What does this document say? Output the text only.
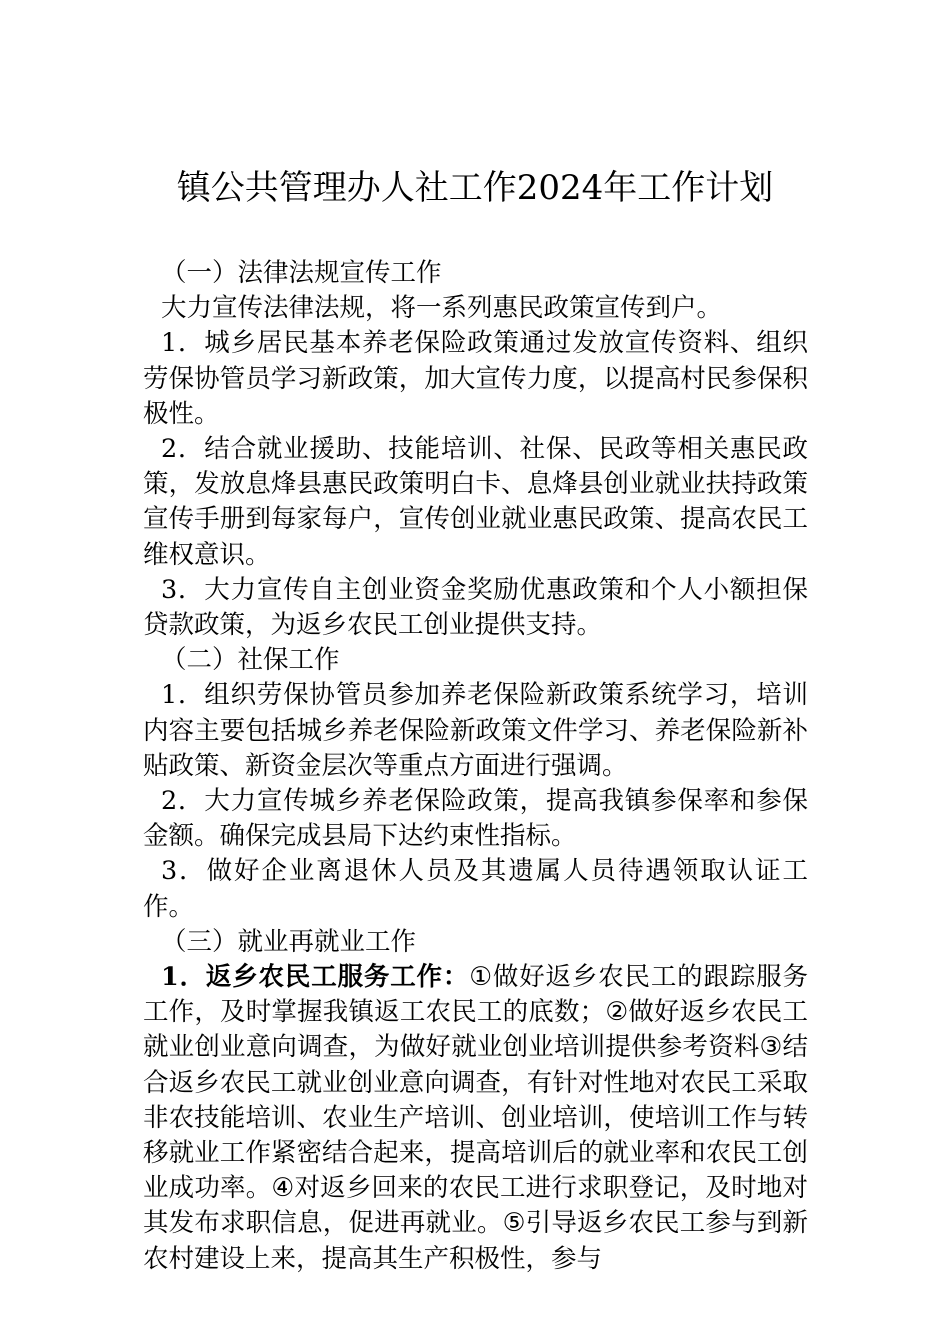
镇公共管理办人社工作2024年工作计划

（一）法律法规宣传工作

大力宣传法律法规，将一系列惠民政策宣传到户。

1．城乡居民基本养老保险政策通过发放宣传资料、组织劳保协管员学习新政策，加大宣传力度，以提高村民参保积极性。

2．结合就业援助、技能培训、社保、民政等相关惠民政策，发放息烽县惠民政策明白卡、息烽县创业就业扶持政策宣传手册到每家每户，宣传创业就业惠民政策、提高农民工维权意识。

3．大力宣传自主创业资金奖励优惠政策和个人小额担保贷款政策，为返乡农民工创业提供支持。

（二）社保工作

1．组织劳保协管员参加养老保险新政策系统学习，培训内容主要包括城乡养老保险新政策文件学习、养老保险新补贴政策、新资金层次等重点方面进行强调。

2．大力宣传城乡养老保险政策，提高我镇参保率和参保金额。确保完成县局下达约束性指标。

3．做好企业离退休人员及其遗属人员待遇领取认证工作。

（三）就业再就业工作

1．返乡农民工服务工作：①做好返乡农民工的跟踪服务工作，及时掌握我镇返工农民工的底数；②做好返乡农民工就业创业意向调查，为做好就业创业培训提供参考资料③结合返乡农民工就业创业意向调查，有针对性地对农民工采取非农技能培训、农业生产培训、创业培训，使培训工作与转移就业工作紧密结合起来，提高培训后的就业率和农民工创业成功率。④对返乡回来的农民工进行求职登记，及时地对其发布求职信息，促进再就业。⑤引导返乡农民工参与到新农村建设上来，提高其生产积极性，参与
